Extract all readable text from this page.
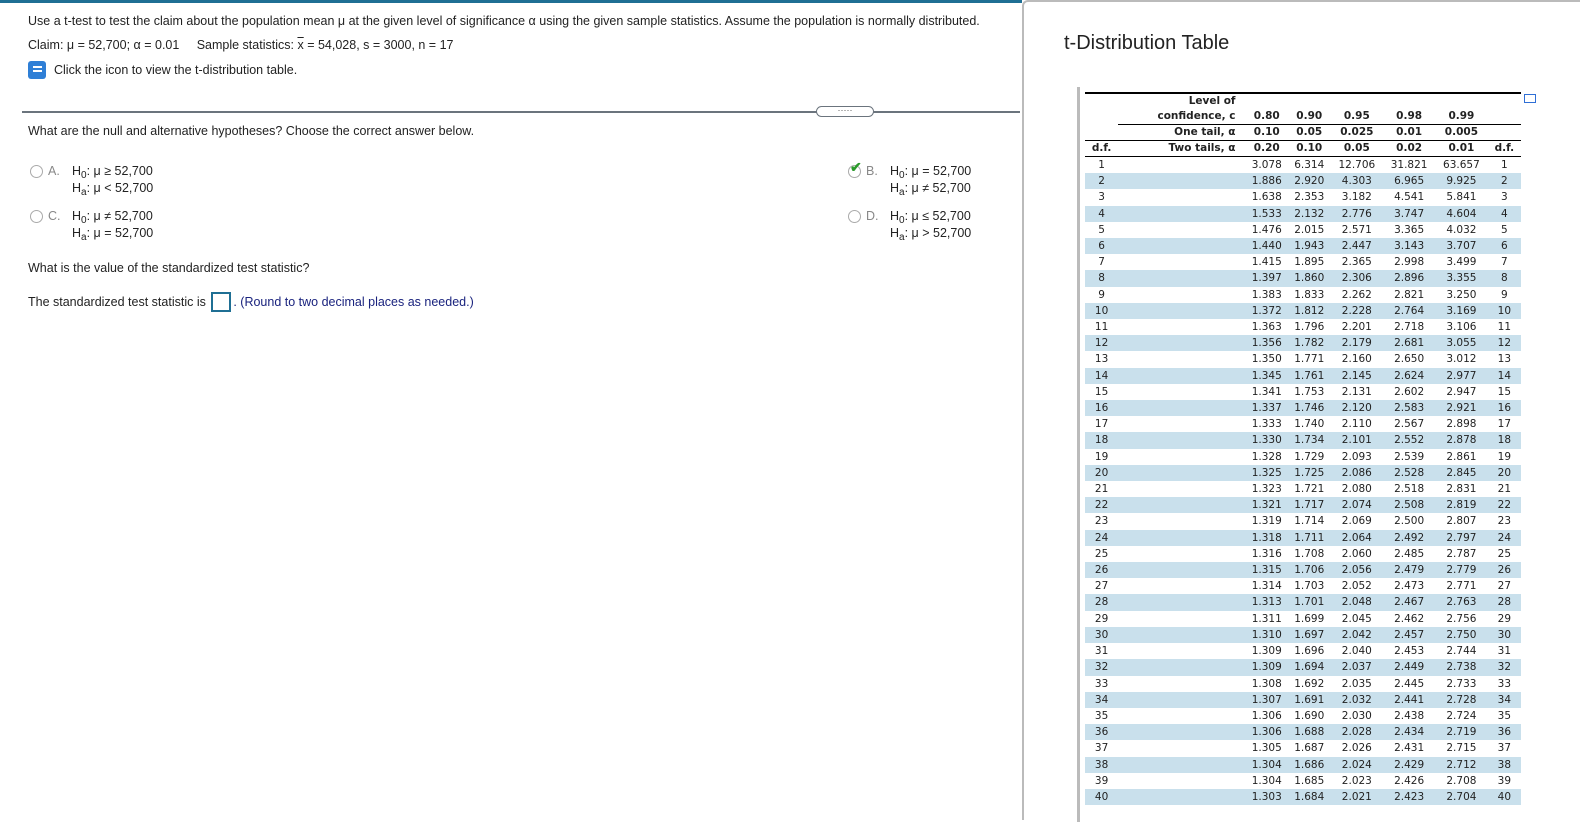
Use a t-test to test the claim about the population mean μ at the given level of significance α using the given sample statistics. Assume the population is normally distributed.
Claim: μ = 52,700; α = 0.01 Sample statistics: $\overline{x} = 54,028$, s = 3000, n = 17
Click the icon to view the t-distribution table.
·····
What are the null and alternative hypotheses? Choose the correct answer below.
A. $H_0$: μ ≥ 52,700
$H_a$: μ < 52,700
✔ B. $H_0$: μ = 52,700
$H_a$: μ ≠ 52,700
C. $H_0$: μ ≠ 52,700
$H_a$: μ = 52,700
D. $H_0$: μ ≤ 52,700
$H_a$: μ > 52,700
What is the value of the standardized test statistic?
The standardized test statistic is . (Round to two decimal places as needed.)
t-Distribution Table
	Level of						
	confidence, c	0.80	0.90	0.95	0.98	0.99	
	One tail, α	0.10	0.05	0.025	0.01	0.005	
d.f.	Two tails, α	0.20	0.10	0.05	0.02	0.01	d.f.
1		3.078	6.314	12.706	31.821	63.657	1
2		1.886	2.920	4.303	6.965	9.925	2
3		1.638	2.353	3.182	4.541	5.841	3
4		1.533	2.132	2.776	3.747	4.604	4
5		1.476	2.015	2.571	3.365	4.032	5
6		1.440	1.943	2.447	3.143	3.707	6
7		1.415	1.895	2.365	2.998	3.499	7
8		1.397	1.860	2.306	2.896	3.355	8
9		1.383	1.833	2.262	2.821	3.250	9
10		1.372	1.812	2.228	2.764	3.169	10
11		1.363	1.796	2.201	2.718	3.106	11
12		1.356	1.782	2.179	2.681	3.055	12
13		1.350	1.771	2.160	2.650	3.012	13
14		1.345	1.761	2.145	2.624	2.977	14
15		1.341	1.753	2.131	2.602	2.947	15
16		1.337	1.746	2.120	2.583	2.921	16
17		1.333	1.740	2.110	2.567	2.898	17
18		1.330	1.734	2.101	2.552	2.878	18
19		1.328	1.729	2.093	2.539	2.861	19
20		1.325	1.725	2.086	2.528	2.845	20
21		1.323	1.721	2.080	2.518	2.831	21
22		1.321	1.717	2.074	2.508	2.819	22
23		1.319	1.714	2.069	2.500	2.807	23
24		1.318	1.711	2.064	2.492	2.797	24
25		1.316	1.708	2.060	2.485	2.787	25
26		1.315	1.706	2.056	2.479	2.779	26
27		1.314	1.703	2.052	2.473	2.771	27
28		1.313	1.701	2.048	2.467	2.763	28
29		1.311	1.699	2.045	2.462	2.756	29
30		1.310	1.697	2.042	2.457	2.750	30
31		1.309	1.696	2.040	2.453	2.744	31
32		1.309	1.694	2.037	2.449	2.738	32
33		1.308	1.692	2.035	2.445	2.733	33
34		1.307	1.691	2.032	2.441	2.728	34
35		1.306	1.690	2.030	2.438	2.724	35
36		1.306	1.688	2.028	2.434	2.719	36
37		1.305	1.687	2.026	2.431	2.715	37
38		1.304	1.686	2.024	2.429	2.712	38
39		1.304	1.685	2.023	2.426	2.708	39
40		1.303	1.684	2.021	2.423	2.704	40
